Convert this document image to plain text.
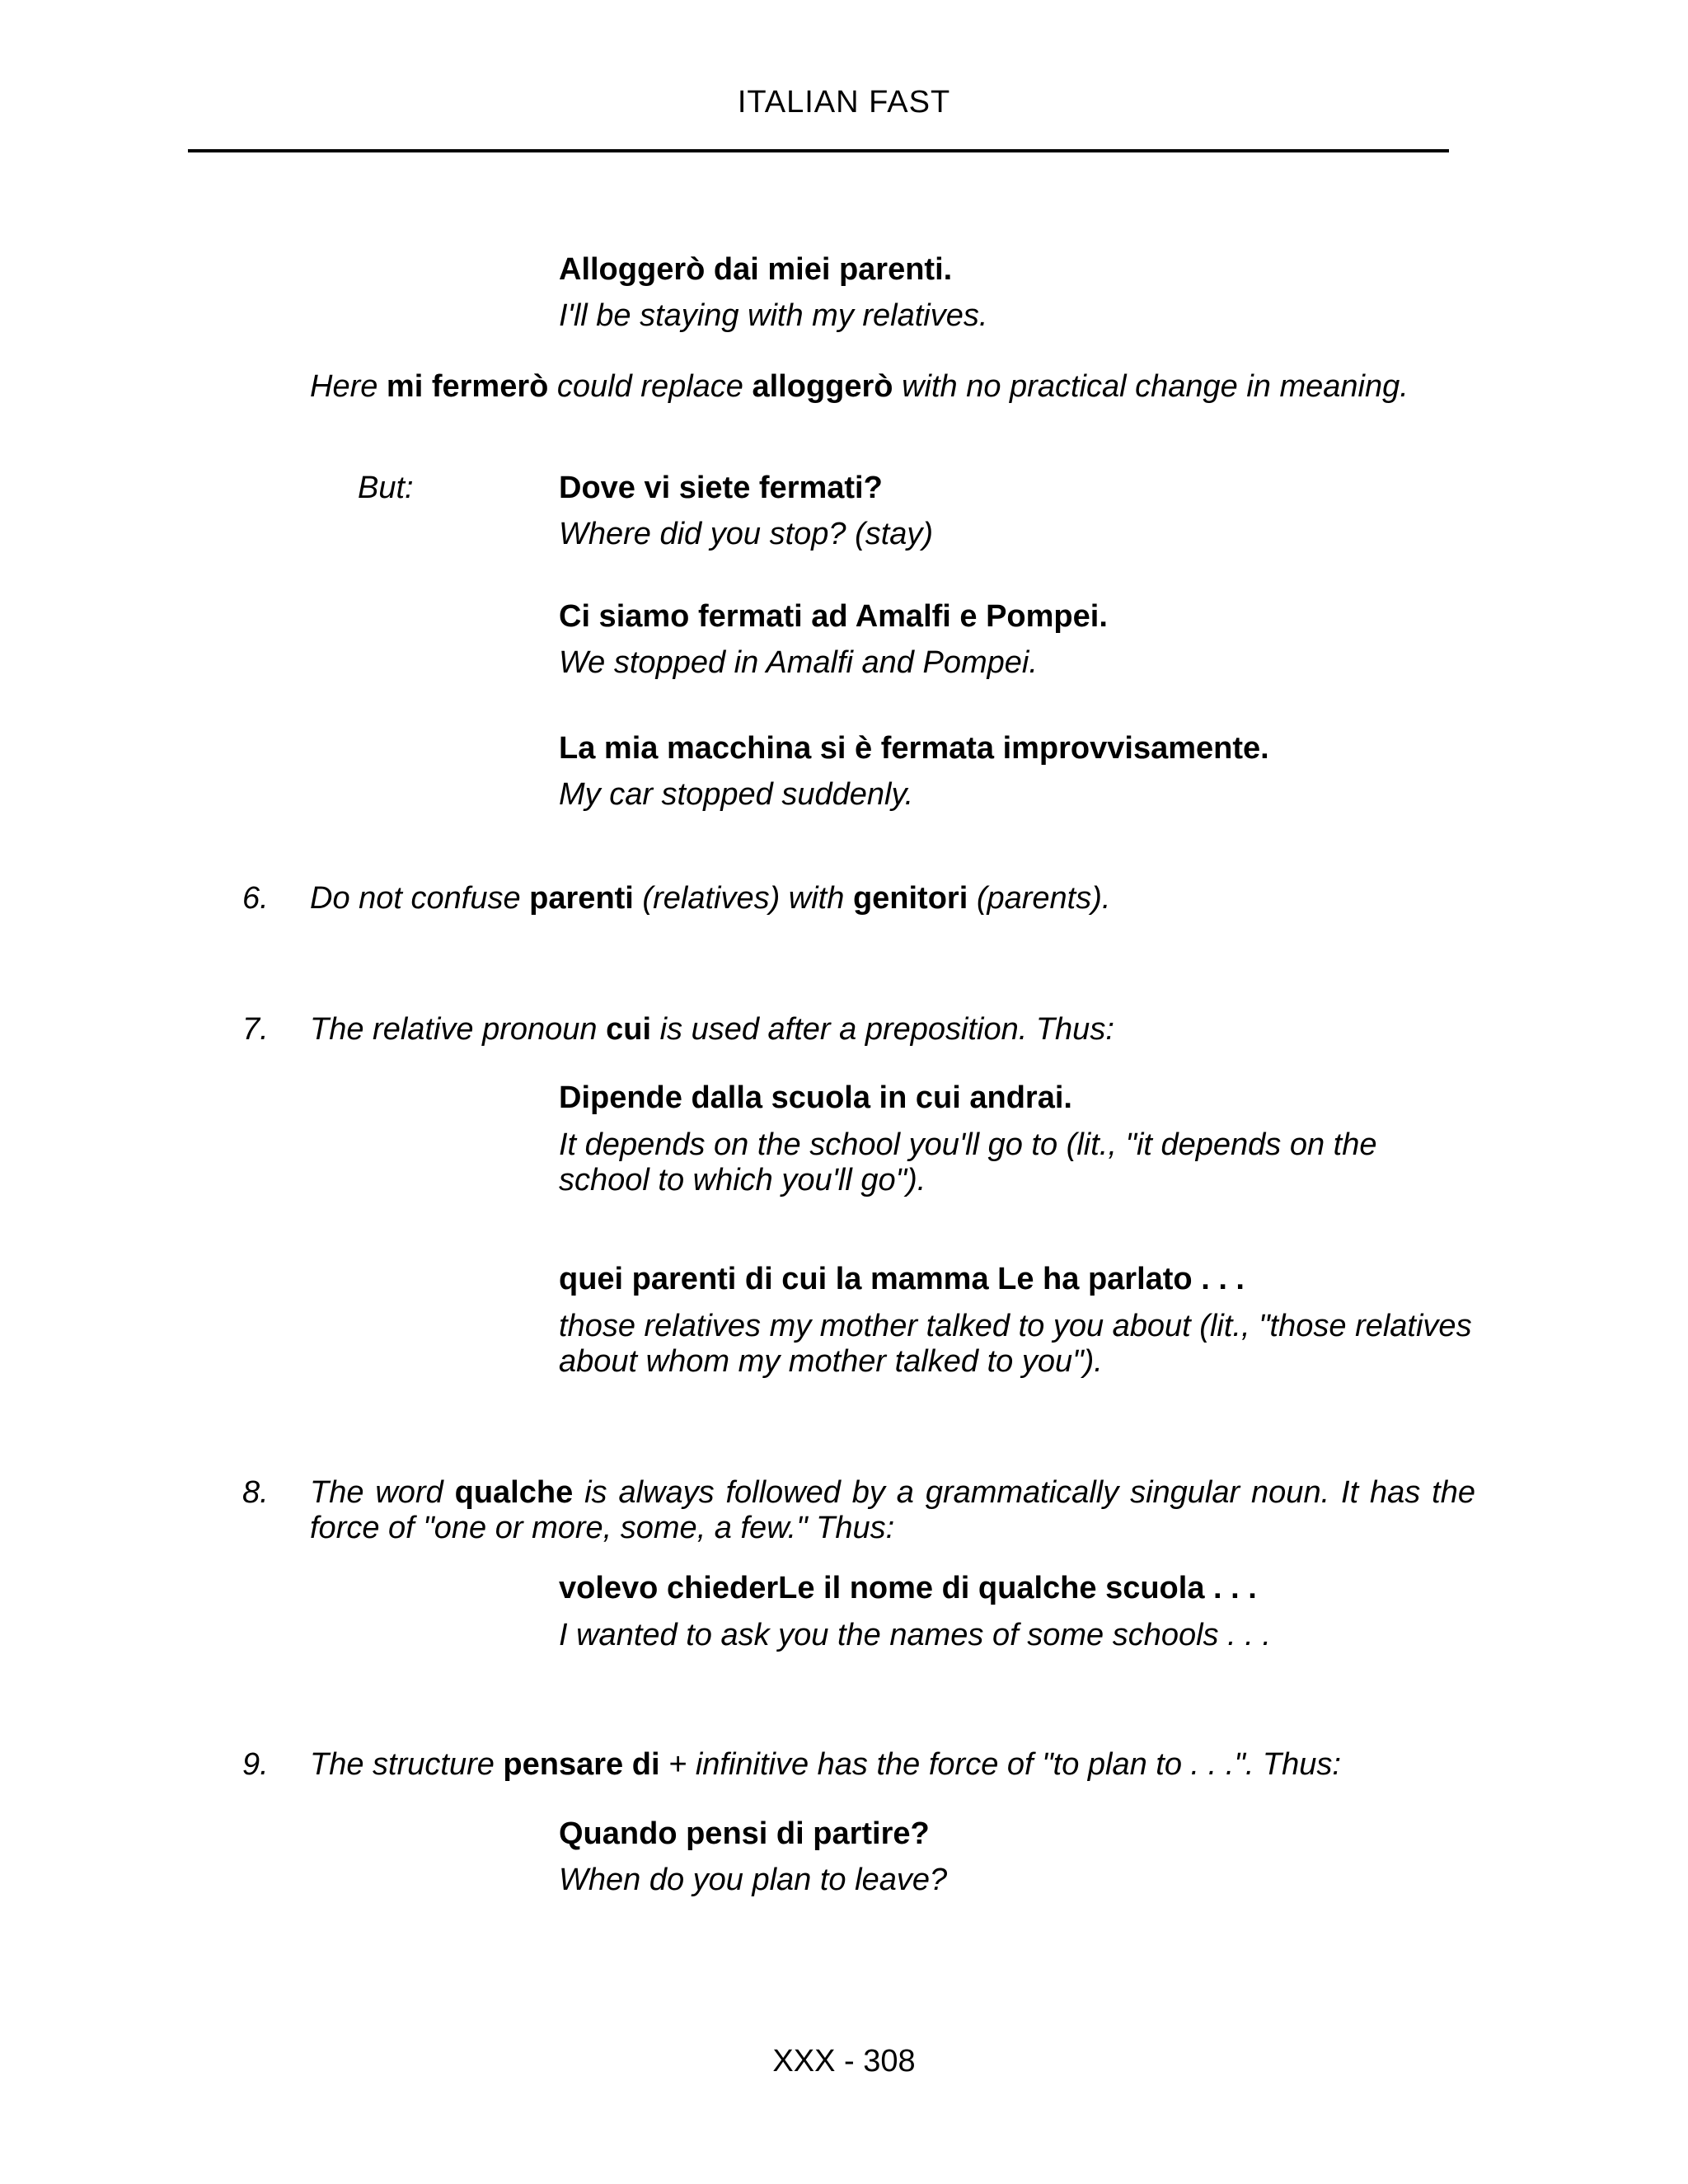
ITALIAN FAST
Alloggerò dai miei parenti.
I'll be staying with my relatives.
Here mi fermerò could replace alloggerò with no practical change in meaning.
But:	Dove vi siete fermati?
Where did you stop? (stay)
Ci siamo fermati ad Amalfi e Pompei.
We stopped in Amalfi and Pompei.
La mia macchina si è fermata improvvisamente.
My car stopped suddenly.
6. Do not confuse parenti (relatives) with genitori (parents).
7. The relative pronoun cui is used after a preposition. Thus:
Dipende dalla scuola in cui andrai.
It depends on the school you'll go to (lit., "it depends on the school to which you'll go").
quei parenti di cui la mamma Le ha parlato . . .
those relatives my mother talked to you about (lit., "those relatives about whom my mother talked to you").
8. The word qualche is always followed by a grammatically singular noun. It has the force of "one or more, some, a few." Thus:
volevo chiederLe il nome di qualche scuola . . .
I wanted to ask you the names of some schools . . .
9. The structure pensare di + infinitive has the force of "to plan to . . .". Thus:
Quando pensi di partire?
When do you plan to leave?
XXX - 308
